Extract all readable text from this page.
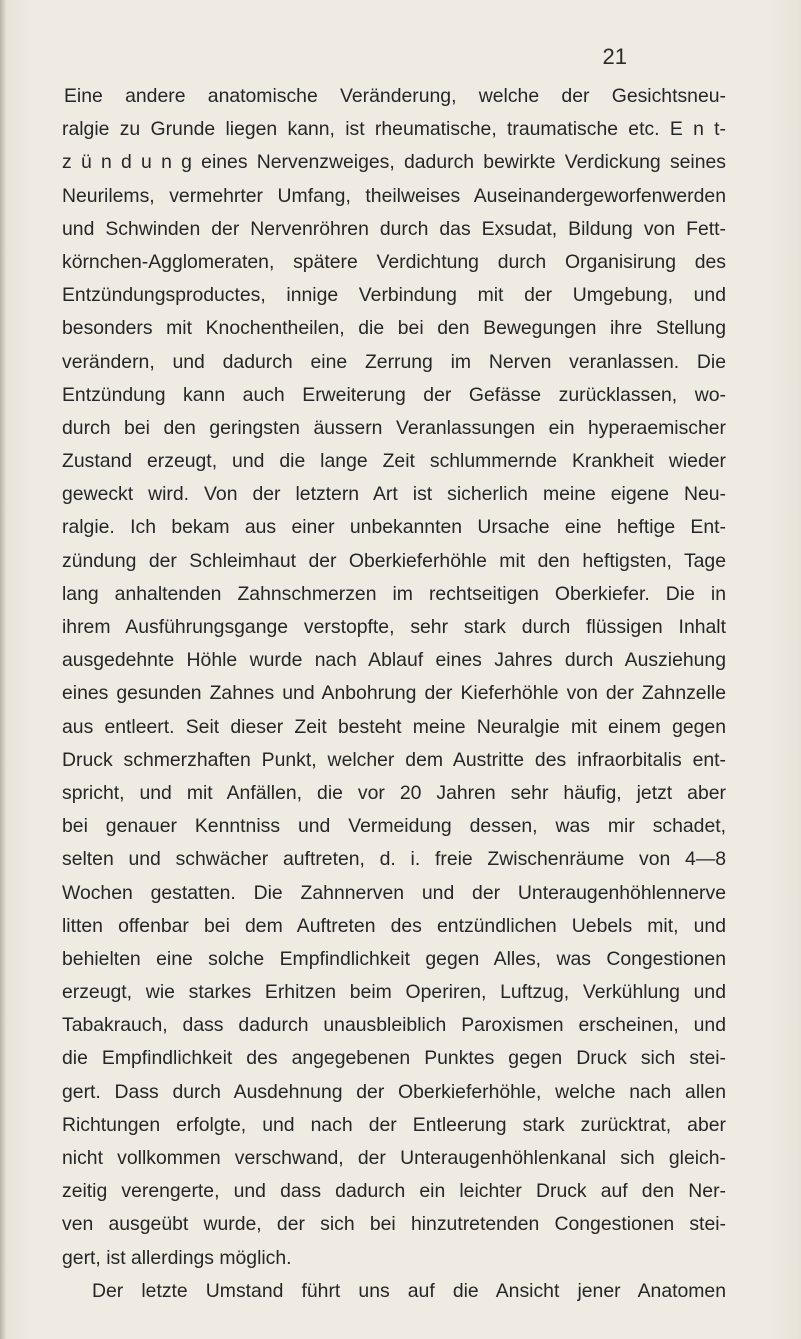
21
Eine andere anatomische Veränderung, welche der Gesichtsneu-
ralgie zu Grunde liegen kann, ist rheumatische, traumatische etc. E n t-
z ü n d u n g eines Nervenzweiges, dadurch bewirkte Verdickung seines
Neurilems, vermehrter Umfang, theilweises Auseinandergeworfenwerden
und Schwinden der Nervenröhren durch das Exsudat, Bildung von Fett-
körnchen-Agglomeraten, spätere Verdichtung durch Organisirung des
Entzündungsproductes, innige Verbindung mit der Umgebung, und
besonders mit Knochentheilen, die bei den Bewegungen ihre Stellung
verändern, und dadurch eine Zerrung im Nerven veranlassen. Die
Entzündung kann auch Erweiterung der Gefässe zurücklassen, wo-
durch bei den geringsten äussern Veranlassungen ein hyperaemischer
Zustand erzeugt, und die lange Zeit schlummernde Krankheit wieder
geweckt wird. Von der letztern Art ist sicherlich meine eigene Neu-
ralgie. Ich bekam aus einer unbekannten Ursache eine heftige Ent-
zündung der Schleimhaut der Oberkieferhöhle mit den heftigsten, Tage
lang anhaltenden Zahnschmerzen im rechtseitigen Oberkiefer. Die in
ihrem Ausführungsgange verstopfte, sehr stark durch flüssigen Inhalt
ausgedehnte Höhle wurde nach Ablauf eines Jahres durch Ausziehung
eines gesunden Zahnes und Anbohrung der Kieferhöhle von der Zahnzelle
aus entleert. Seit dieser Zeit besteht meine Neuralgie mit einem gegen
Druck schmerzhaften Punkt, welcher dem Austritte des infraorbitalis ent-
spricht, und mit Anfällen, die vor 20 Jahren sehr häufig, jetzt aber
bei genauer Kenntniss und Vermeidung dessen, was mir schadet,
selten und schwächer auftreten, d. i. freie Zwischenräume von 4—8
Wochen gestatten. Die Zahnnerven und der Unteraugenhöhlennerve
litten offenbar bei dem Auftreten des entzündlichen Uebels mit, und
behielten eine solche Empfindlichkeit gegen Alles, was Congestionen
erzeugt, wie starkes Erhitzen beim Operiren, Luftzug, Verkühlung und
Tabakrauch, dass dadurch unausbleiblich Paroxismen erscheinen, und
die Empfindlichkeit des angegebenen Punktes gegen Druck sich stei-
gert. Dass durch Ausdehnung der Oberkieferhöhle, welche nach allen
Richtungen erfolgte, und nach der Entleerung stark zurücktrat, aber
nicht vollkommen verschwand, der Unteraugenhöhlenkanal sich gleich-
zeitig verengerte, und dass dadurch ein leichter Druck auf den Ner-
ven ausgeübt wurde, der sich bei hinzutretenden Congestionen stei-
gert, ist allerdings möglich.
Der letzte Umstand führt uns auf die Ansicht jener Anatomen
